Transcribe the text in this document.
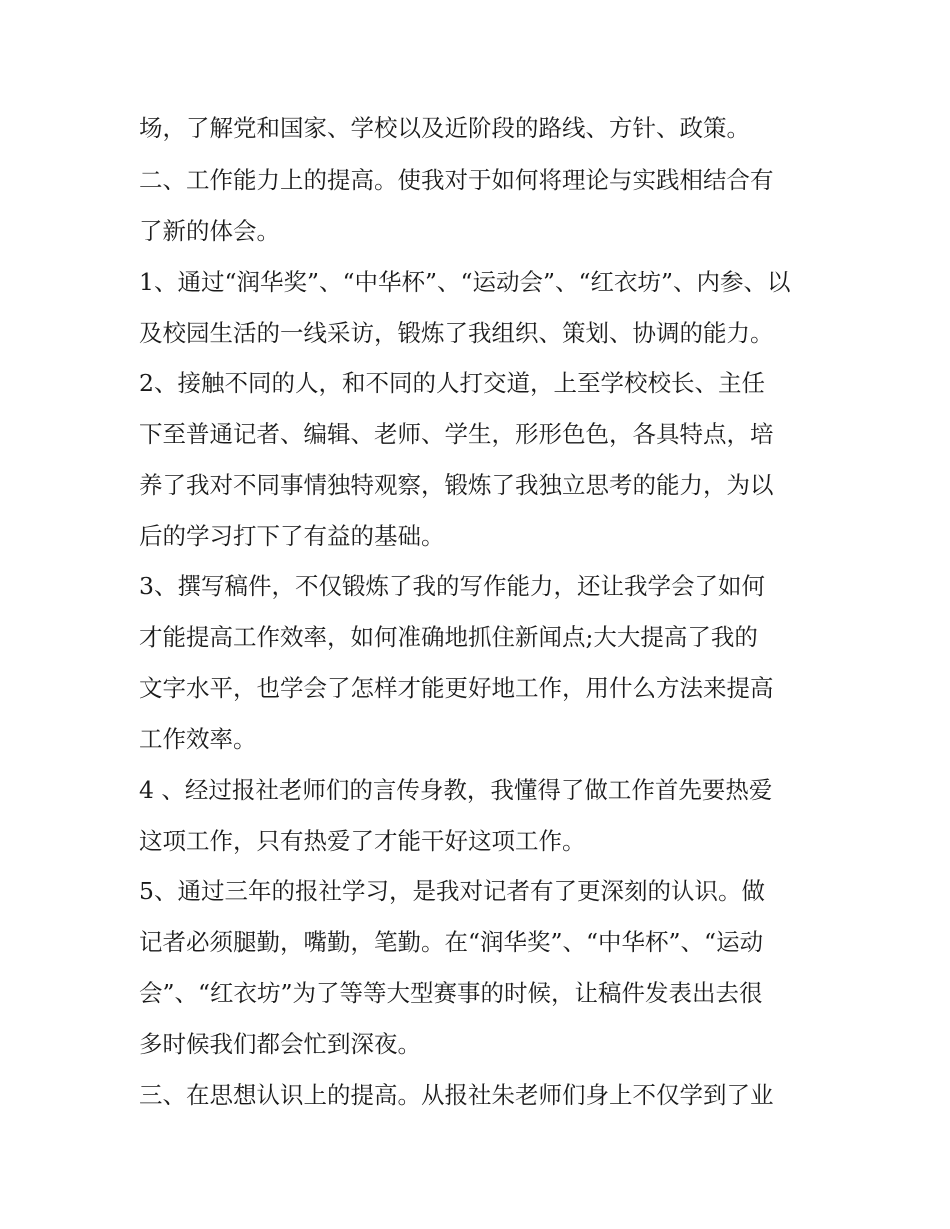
场，了解党和国家、学校以及近阶段的路线、方针、政策。
二、工作能力上的提高。使我对于如何将理论与实践相结合有
了新的体会。
1、通过“润华奖”、“中华杯”、“运动会”、“红衣坊”、内参、以
及校园生活的一线采访，锻炼了我组织、策划、协调的能力。
2、接触不同的人，和不同的人打交道，上至学校校长、主任
下至普通记者、编辑、老师、学生，形形色色，各具特点，培
养了我对不同事情独特观察，锻炼了我独立思考的能力，为以
后的学习打下了有益的基础。
3、撰写稿件，不仅锻炼了我的写作能力，还让我学会了如何
才能提高工作效率，如何准确地抓住新闻点;大大提高了我的
文字水平，也学会了怎样才能更好地工作，用什么方法来提高
工作效率。
4 、经过报社老师们的言传身教，我懂得了做工作首先要热爱
这项工作，只有热爱了才能干好这项工作。
5、通过三年的报社学习，是我对记者有了更深刻的认识。做
记者必须腿勤，嘴勤，笔勤。在“润华奖”、“中华杯”、“运动
会”、“红衣坊”为了等等大型赛事的时候，让稿件发表出去很
多时候我们都会忙到深夜。
三、在思想认识上的提高。从报社朱老师们身上不仅学到了业
